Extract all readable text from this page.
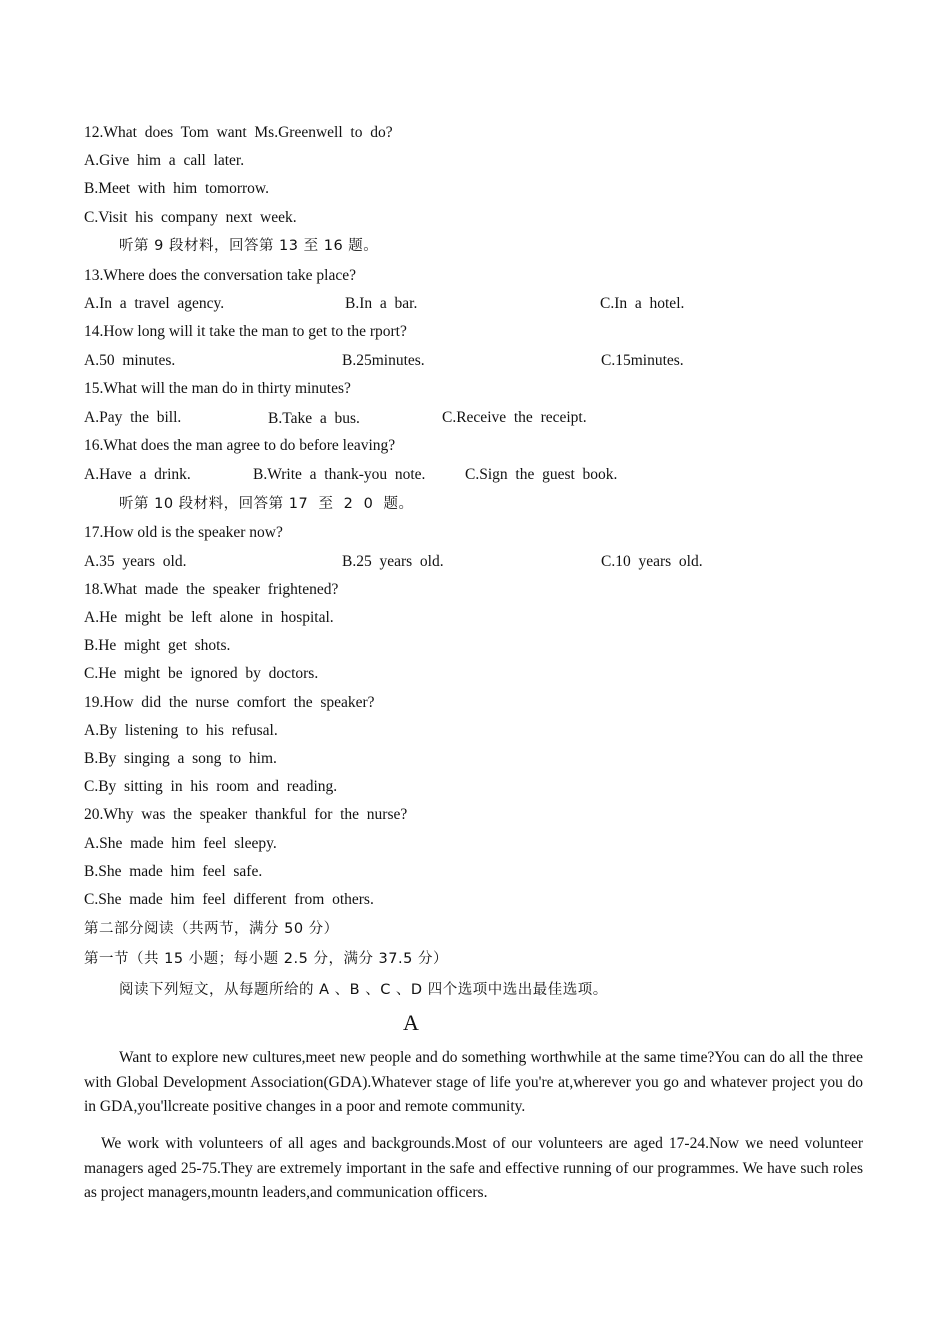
12.What  does  Tom  want  Ms.Greenwell  to  do?
A.Give  him  a  call  later.
B.Meet  with  him  tomorrow.
C.Visit  his  company  next  week.
听第 9 段材料，回答第 13 至 16 题。
13.Where does the conversation take place?
A.In  a  travel  agency.	B.In  a  bar.	C.In  a  hotel.
14.How long will it take the man to get to the rport?
A.50  minutes.	B.25minutes.	C.15minutes.
15.What will the man do in thirty minutes?
A.Pay  the  bill.	B.Take  a  bus.	C.Receive  the  receipt.
16.What does the man agree to do before leaving?
A.Have  a  drink.	B.Write  a  thank-you  note.	C.Sign  the  guest  book.
听第 10 段材料，回答第 17  至  2  0  题。
17.How old is the speaker now?
A.35  years  old.	B.25  years  old.	C.10  years  old.
18.What  made  the  speaker  frightened?
A.He  might  be  left  alone  in  hospital.
B.He  might  get  shots.
C.He  might  be  ignored  by  doctors.
19.How  did  the  nurse  comfort  the  speaker?
A.By  listening  to  his  refusal.
B.By  singing  a  song  to  him.
C.By  sitting  in  his  room  and  reading.
20.Why  was  the  speaker  thankful  for  the  nurse?
A.She  made  him  feel  sleepy.
B.She  made  him  feel  safe.
C.She  made  him  feel  different  from  others.
第二部分阅读（共两节，满分 50 分）
第一节（共 15 小题；每小题 2.5 分，满分 37.5 分）
阅读下列短文，从每题所给的 A 、B 、C 、D 四个选项中选出最佳选项。
A

Want to explore new cultures,meet new people and do something worthwhile at the same time?You can do all the three with Global Development Association(GDA).Whatever stage of life you're at,wherever you go and whatever project you do in GDA,you'llcreate positive changes in a poor and remote community.

We work with volunteers of all ages and backgrounds.Most of our volunteers are aged 17-24.Now we need volunteer managers aged 25-75.They are extremely important in the safe and effective running of our programmes. We have such roles as project managers,mountn leaders,and communication officers.
